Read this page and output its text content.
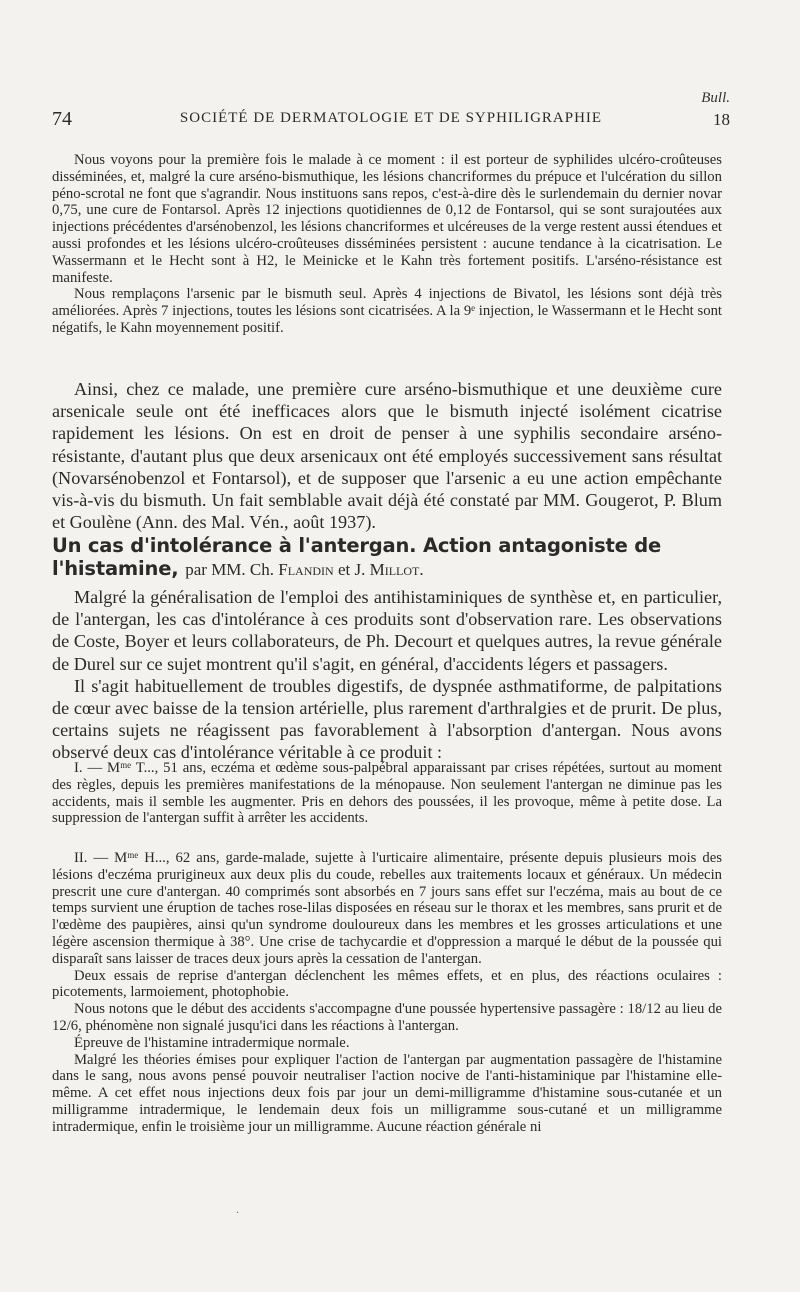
Bull.
74	SOCIÉTÉ DE DERMATOLOGIE ET DE SYPHILIGRAPHIE	18

Nous voyons pour la première fois le malade à ce moment : il est porteur de syphilides ulcéro-croûteuses disséminées, et, malgré la cure arséno-bismuthique, les lésions chancriformes du prépuce et l'ulcération du sillon péno-scrotal ne font que s'agrandir. Nous instituons sans repos, c'est-à-dire dès le surlendemain du dernier novar 0,75, une cure de Fontarsol. Après 12 injections quotidiennes de 0,12 de Fontarsol, qui se sont surajoutées aux injections précédentes d'arsénobenzol, les lésions chancriformes et ulcéreuses de la verge restent aussi étendues et aussi profondes et les lésions ulcéro-croûteuses disséminées persistent : aucune tendance à la cicatrisation. Le Wassermann et le Hecht sont à H2, le Meinicke et le Kahn très fortement positifs. L'arséno-résistance est manifeste.

Nous remplaçons l'arsenic par le bismuth seul. Après 4 injections de Bivatol, les lésions sont déjà très améliorées. Après 7 injections, toutes les lésions sont cicatrisées. A la 9ᵉ injection, le Wassermann et le Hecht sont négatifs, le Kahn moyennement positif.

Ainsi, chez ce malade, une première cure arséno-bismuthique et une deuxième cure arsenicale seule ont été inefficaces alors que le bismuth injecté isolément cicatrise rapidement les lésions. On est en droit de penser à une syphilis secondaire arséno-résistante, d'autant plus que deux arsenicaux ont été employés successivement sans résultat (Novarsénobenzol et Fontarsol), et de supposer que l'arsenic a eu une action empêchante vis-à-vis du bismuth. Un fait semblable avait déjà été constaté par MM. Gougerot, P. Blum et Goulène (Ann. des Mal. Vén., août 1937).

Un cas d'intolérance à l'antergan. Action antagoniste de l'histamine, par MM. Ch. Flandin et J. Millot.

Malgré la généralisation de l'emploi des antihistaminiques de synthèse et, en particulier, de l'antergan, les cas d'intolérance à ces produits sont d'observation rare. Les observations de Coste, Boyer et leurs collaborateurs, de Ph. Decourt et quelques autres, la revue générale de Durel sur ce sujet montrent qu'il s'agit, en général, d'accidents légers et passagers.

Il s'agit habituellement de troubles digestifs, de dyspnée asthmatiforme, de palpitations de cœur avec baisse de la tension artérielle, plus rarement d'arthralgies et de prurit. De plus, certains sujets ne réagissent pas favorablement à l'absorption d'antergan. Nous avons observé deux cas d'intolérance véritable à ce produit :

I. — Mᵐᵉ T..., 51 ans, eczéma et œdème sous-palpébral apparaissant par crises répétées, surtout au moment des règles, depuis les premières manifestations de la ménopause. Non seulement l'antergan ne diminue pas les accidents, mais il semble les augmenter. Pris en dehors des poussées, il les provoque, même à petite dose. La suppression de l'antergan suffit à arrêter les accidents.

II. — Mᵐᵉ H..., 62 ans, garde-malade, sujette à l'urticaire alimentaire, présente depuis plusieurs mois des lésions d'eczéma prurigineux aux deux plis du coude, rebelles aux traitements locaux et généraux. Un médecin prescrit une cure d'antergan. 40 comprimés sont absorbés en 7 jours sans effet sur l'eczéma, mais au bout de ce temps survient une éruption de taches rose-lilas disposées en réseau sur le thorax et les membres, sans prurit et de l'œdème des paupières, ainsi qu'un syndrome douloureux dans les membres et les grosses articulations et une légère ascension thermique à 38°. Une crise de tachycardie et d'oppression a marqué le début de la poussée qui disparaît sans laisser de traces deux jours après la cessation de l'antergan.

Deux essais de reprise d'antergan déclenchent les mêmes effets, et en plus, des réactions oculaires : picotements, larmoiement, photophobie.

Nous notons que le début des accidents s'accompagne d'une poussée hypertensive passagère : 18/12 au lieu de 12/6, phénomène non signalé jusqu'ici dans les réactions à l'antergan.

Épreuve de l'histamine intradermique normale.

Malgré les théories émises pour expliquer l'action de l'antergan par augmentation passagère de l'histamine dans le sang, nous avons pensé pouvoir neutraliser l'action nocive de l'anti-histaminique par l'histamine elle-même. A cet effet nous injections deux fois par jour un demi-milligramme d'histamine sous-cutanée et un milligramme intradermique, le lendemain deux fois un milligramme sous-cutané et un milligramme intradermique, enfin le troisième jour un milligramme. Aucune réaction générale ni

·
